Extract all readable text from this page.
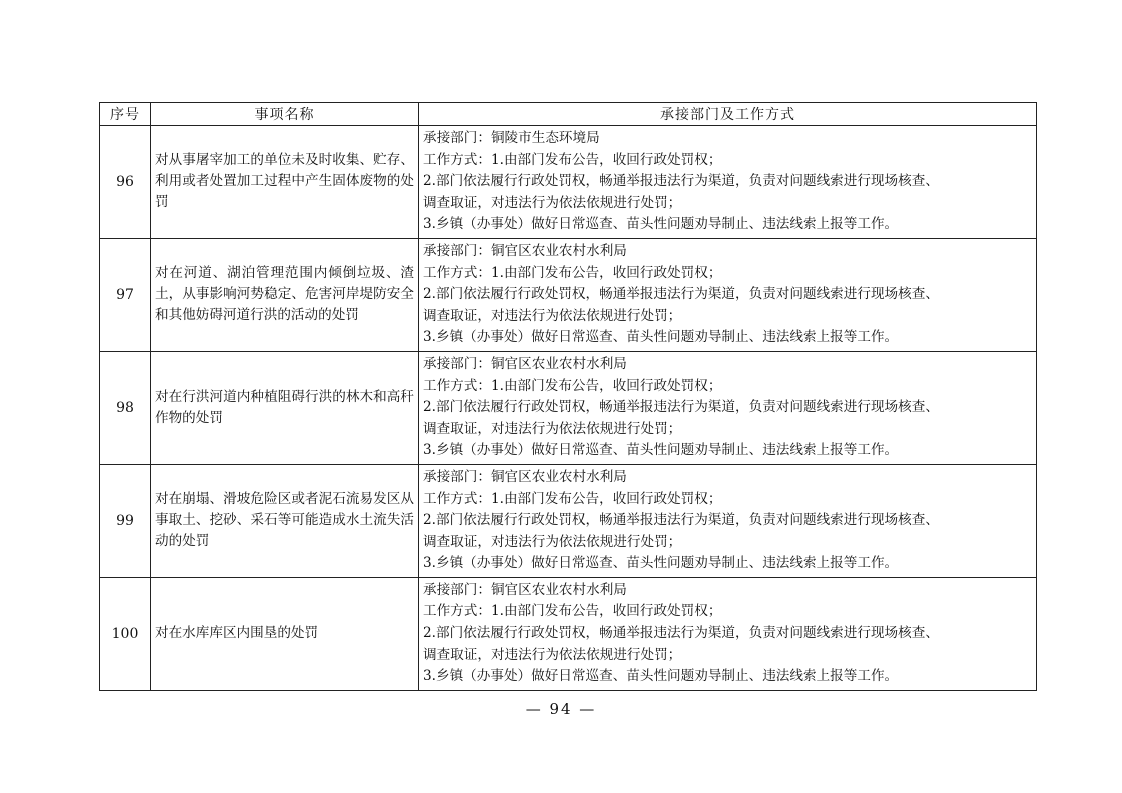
序号	事项名称	承接部门及工作方式
96	对从事屠宰加工的单位未及时收集、贮存、利用或者处置加工过程中产生固体废物的处罚	承接部门：铜陵市生态环境局
工作方式：1.由部门发布公告，收回行政处罚权；
2.部门依法履行行政处罚权，畅通举报违法行为渠道，负责对问题线索进行现场核查、
调查取证，对违法行为依法依规进行处罚；
3.乡镇（办事处）做好日常巡查、苗头性问题劝导制止、违法线索上报等工作。

97	对在河道、湖泊管理范围内倾倒垃圾、渣土，从事影响河势稳定、危害河岸堤防安全和其他妨碍河道行洪的活动的处罚	承接部门：铜官区农业农村水利局
工作方式：1.由部门发布公告，收回行政处罚权；
2.部门依法履行行政处罚权，畅通举报违法行为渠道，负责对问题线索进行现场核查、
调查取证，对违法行为依法依规进行处罚；
3.乡镇（办事处）做好日常巡查、苗头性问题劝导制止、违法线索上报等工作。

98	对在行洪河道内种植阻碍行洪的林木和高秆作物的处罚	承接部门：铜官区农业农村水利局
工作方式：1.由部门发布公告，收回行政处罚权；
2.部门依法履行行政处罚权，畅通举报违法行为渠道，负责对问题线索进行现场核查、
调查取证，对违法行为依法依规进行处罚；
3.乡镇（办事处）做好日常巡查、苗头性问题劝导制止、违法线索上报等工作。

99	对在崩塌、滑坡危险区或者泥石流易发区从事取土、挖砂、采石等可能造成水土流失活动的处罚	承接部门：铜官区农业农村水利局
工作方式：1.由部门发布公告，收回行政处罚权；
2.部门依法履行行政处罚权，畅通举报违法行为渠道，负责对问题线索进行现场核查、
调查取证，对违法行为依法依规进行处罚；
3.乡镇（办事处）做好日常巡查、苗头性问题劝导制止、违法线索上报等工作。

100	对在水库库区内围垦的处罚	承接部门：铜官区农业农村水利局
工作方式：1.由部门发布公告，收回行政处罚权；
2.部门依法履行行政处罚权，畅通举报违法行为渠道，负责对问题线索进行现场核查、
调查取证，对违法行为依法依规进行处罚；
3.乡镇（办事处）做好日常巡查、苗头性问题劝导制止、违法线索上报等工作。
— 94 —
